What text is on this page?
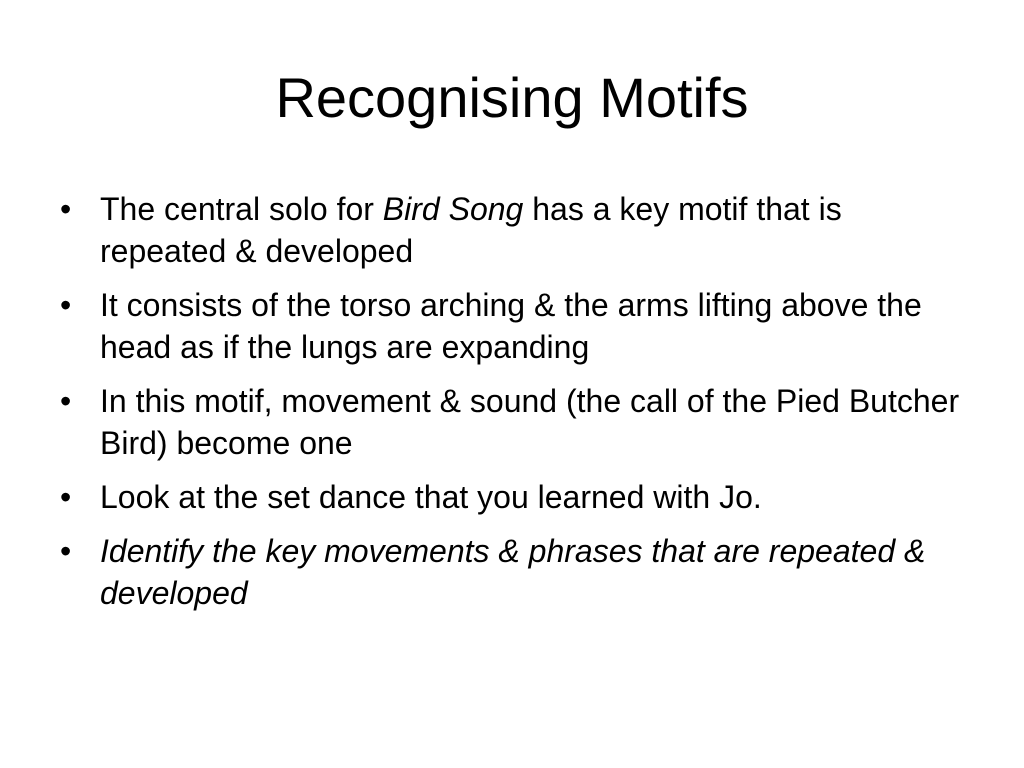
Recognising Motifs
• The central solo for Bird Song has a key motif that is repeated & developed
• It consists of the torso arching & the arms lifting above the head as if the lungs are expanding
• In this motif, movement & sound (the call of the Pied Butcher Bird) become one
• Look at the set dance that you learned with Jo.
• Identify the key movements & phrases that are repeated & developed
